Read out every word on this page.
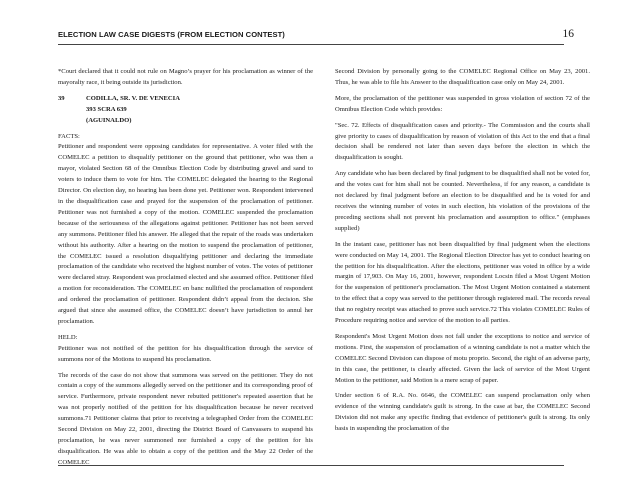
ELECTION LAW CASE DIGESTS (FROM ELECTION CONTEST)	16

*Court declared that it could not rule on Magno’s prayer for his proclamation as winner of the mayoralty race, it being outside its jurisdiction.

39	CODILLA, SR. V. DE VENECIA
393 SCRA 639
(AGUINALDO)
FACTS:

Petitioner and respondent were opposing candidates for representative. A voter filed with the COMELEC a petition to disqualify petitioner on the ground that petitioner, who was then a mayor, violated Section 68 of the Omnibus Election Code by distributing gravel and sand to voters to induce them to vote for him. The COMELEC delegated the hearing to the Regional Director. On election day, no hearing has been done yet. Petitioner won. Respondent intervened in the disqualification case and prayed for the suspension of the proclamation of petitioner. Petitioner was not furnished a copy of the motion. COMELEC suspended the proclamation because of the seriousness of the allegations against petitioner. Petitioner has not been served any summons. Petitioner filed his answer. He alleged that the repair of the roads was undertaken without his authority. After a hearing on the motion to suspend the proclamation of petitioner, the COMELEC issued a resolution disqualifying petitioner and declaring the immediate proclamation of the candidate who received the highest number of votes. The votes of petitioner were declared stray. Respondent was proclaimed elected and she assumed office. Petitioner filed a motion for reconsideration. The COMELEC en banc nullified the proclamation of respondent and ordered the proclamation of petitioner. Respondent didn’t appeal from the decision. She argued that since she assumed office, the COMELEC doesn’t have jurisdiction to annul her proclamation.

HELD:

Petitioner was not notified of the petition for his disqualification through the service of summons nor of the Motions to suspend his proclamation.

The records of the case do not show that summons was served on the petitioner. They do not contain a copy of the summons allegedly served on the petitioner and its corresponding proof of service. Furthermore, private respondent never rebutted petitioner's repeated assertion that he was not properly notified of the petition for his disqualification because he never received summons.71 Petitioner claims that prior to receiving a telegraphed Order from the COMELEC Second Division on May 22, 2001, directing the District Board of Canvassers to suspend his proclamation, he was never summoned nor furnished a copy of the petition for his disqualification. He was able to obtain a copy of the petition and the May 22 Order of the COMELEC

Second Division by personally going to the COMELEC Regional Office on May 23, 2001. Thus, he was able to file his Answer to the disqualification case only on May 24, 2001.

More, the proclamation of the petitioner was suspended in gross violation of section 72 of the Omnibus Election Code which provides:

"Sec. 72. Effects of disqualification cases and priority.- The Commission and the courts shall give priority to cases of disqualification by reason of violation of this Act to the end that a final decision shall be rendered not later than seven days before the election in which the disqualification is sought.

Any candidate who has been declared by final judgment to be disqualified shall not be voted for, and the votes cast for him shall not be counted. Nevertheless, if for any reason, a candidate is not declared by final judgment before an election to be disqualified and he is voted for and receives the winning number of votes in such election, his violation of the provisions of the preceding sections shall not prevent his proclamation and assumption to office." (emphases supplied)

In the instant case, petitioner has not been disqualified by final judgment when the elections were conducted on May 14, 2001. The Regional Election Director has yet to conduct hearing on the petition for his disqualification. After the elections, petitioner was voted in office by a wide margin of 17,903. On May 16, 2001, however, respondent Locsin filed a Most Urgent Motion for the suspension of petitioner's proclamation. The Most Urgent Motion contained a statement to the effect that a copy was served to the petitioner through registered mail. The records reveal that no registry receipt was attached to prove such service.72 This violates COMELEC Rules of Procedure requiring notice and service of the motion to all parties.

Respondent's Most Urgent Motion does not fall under the exceptions to notice and service of motions. First, the suspension of proclamation of a winning candidate is not a matter which the COMELEC Second Division can dispose of motu proprio. Second, the right of an adverse party, in this case, the petitioner, is clearly affected. Given the lack of service of the Most Urgent Motion to the petitioner, said Motion is a mere scrap of paper.

Under section 6 of R.A. No. 6646, the COMELEC can suspend proclamation only when evidence of the winning candidate's guilt is strong. In the case at bar, the COMELEC Second Division did not make any specific finding that evidence of petitioner's guilt is strong. Its only basis in suspending the proclamation of the
